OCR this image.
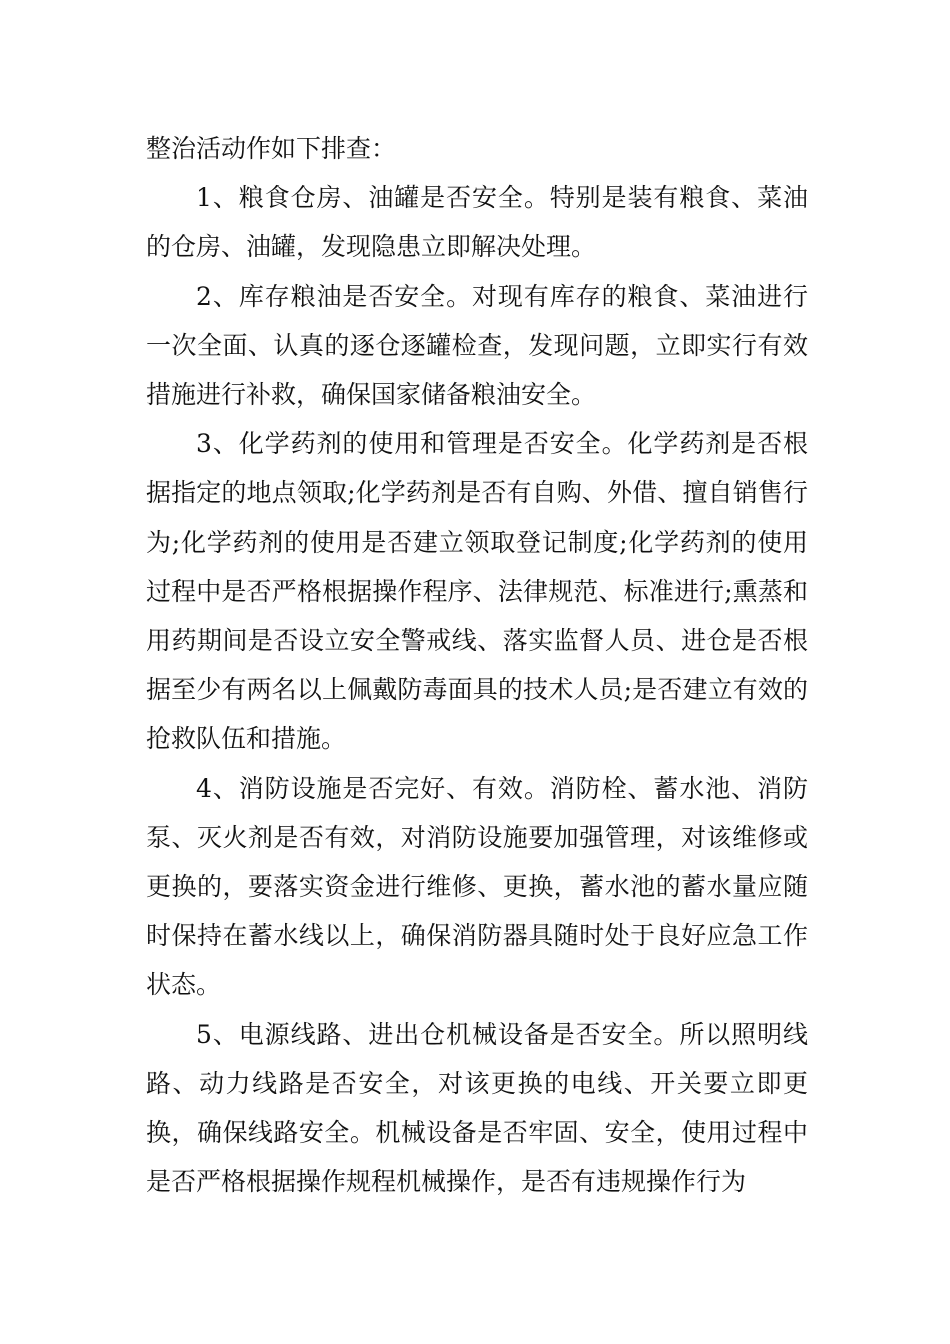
整治活动作如下排查：

1、粮食仓房、油罐是否安全。特别是装有粮食、菜油的仓房、油罐，发现隐患立即解决处理。

2、库存粮油是否安全。对现有库存的粮食、菜油进行一次全面、认真的逐仓逐罐检查，发现问题，立即实行有效措施进行补救，确保国家储备粮油安全。

3、化学药剂的使用和管理是否安全。化学药剂是否根据指定的地点领取;化学药剂是否有自购、外借、擅自销售行为;化学药剂的使用是否建立领取登记制度;化学药剂的使用过程中是否严格根据操作程序、法律规范、标准进行;熏蒸和用药期间是否设立安全警戒线、落实监督人员、进仓是否根据至少有两名以上佩戴防毒面具的技术人员;是否建立有效的抢救队伍和措施。

4、消防设施是否完好、有效。消防栓、蓄水池、消防泵、灭火剂是否有效，对消防设施要加强管理，对该维修或更换的，要落实资金进行维修、更换，蓄水池的蓄水量应随时保持在蓄水线以上，确保消防器具随时处于良好应急工作状态。

5、电源线路、进出仓机械设备是否安全。所以照明线路、动力线路是否安全，对该更换的电线、开关要立即更换，确保线路安全。机械设备是否牢固、安全，使用过程中是否严格根据操作规程机械操作，是否有违规操作行为
